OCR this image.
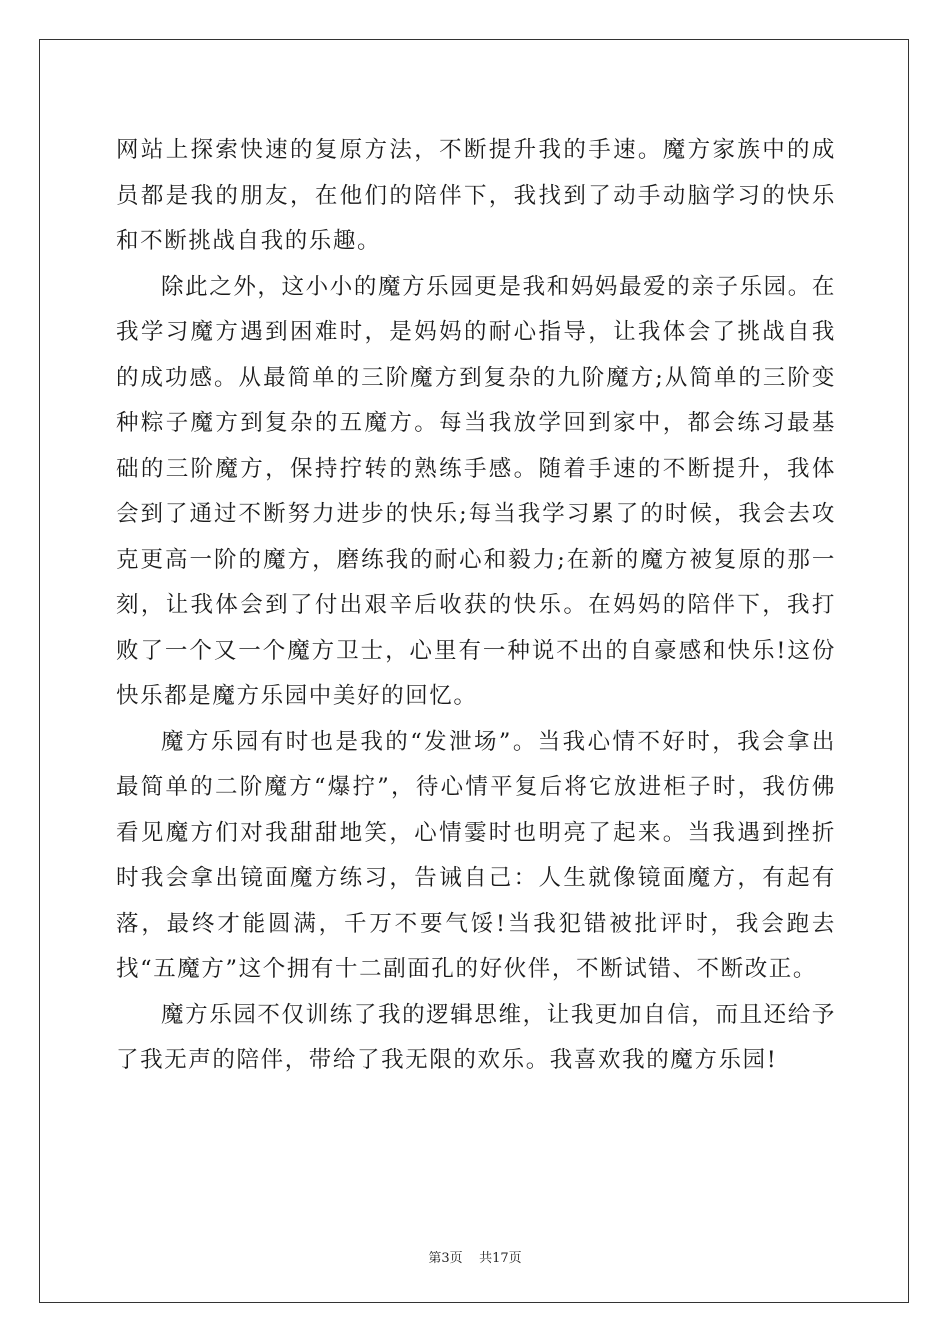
网站上探索快速的复原方法，不断提升我的手速。魔方家族中的成员都是我的朋友，在他们的陪伴下，我找到了动手动脑学习的快乐和不断挑战自我的乐趣。

除此之外，这小小的魔方乐园更是我和妈妈最爱的亲子乐园。在我学习魔方遇到困难时，是妈妈的耐心指导，让我体会了挑战自我的成功感。从最简单的三阶魔方到复杂的九阶魔方;从简单的三阶变种粽子魔方到复杂的五魔方。每当我放学回到家中，都会练习最基础的三阶魔方，保持拧转的熟练手感。随着手速的不断提升，我体会到了通过不断努力进步的快乐;每当我学习累了的时候，我会去攻克更高一阶的魔方，磨练我的耐心和毅力;在新的魔方被复原的那一刻，让我体会到了付出艰辛后收获的快乐。在妈妈的陪伴下，我打败了一个又一个魔方卫士，心里有一种说不出的自豪感和快乐!这份快乐都是魔方乐园中美好的回忆。

魔方乐园有时也是我的“发泄场”。当我心情不好时，我会拿出最简单的二阶魔方“爆拧”，待心情平复后将它放进柜子时，我仿佛看见魔方们对我甜甜地笑，心情霎时也明亮了起来。当我遇到挫折时我会拿出镜面魔方练习，告诫自己：人生就像镜面魔方，有起有落，最终才能圆满，千万不要气馁!当我犯错被批评时，我会跑去找“五魔方”这个拥有十二副面孔的好伙伴，不断试错、不断改正。

魔方乐园不仅训练了我的逻辑思维，让我更加自信，而且还给予了我无声的陪伴，带给了我无限的欢乐。我喜欢我的魔方乐园!

第3页 共17页
